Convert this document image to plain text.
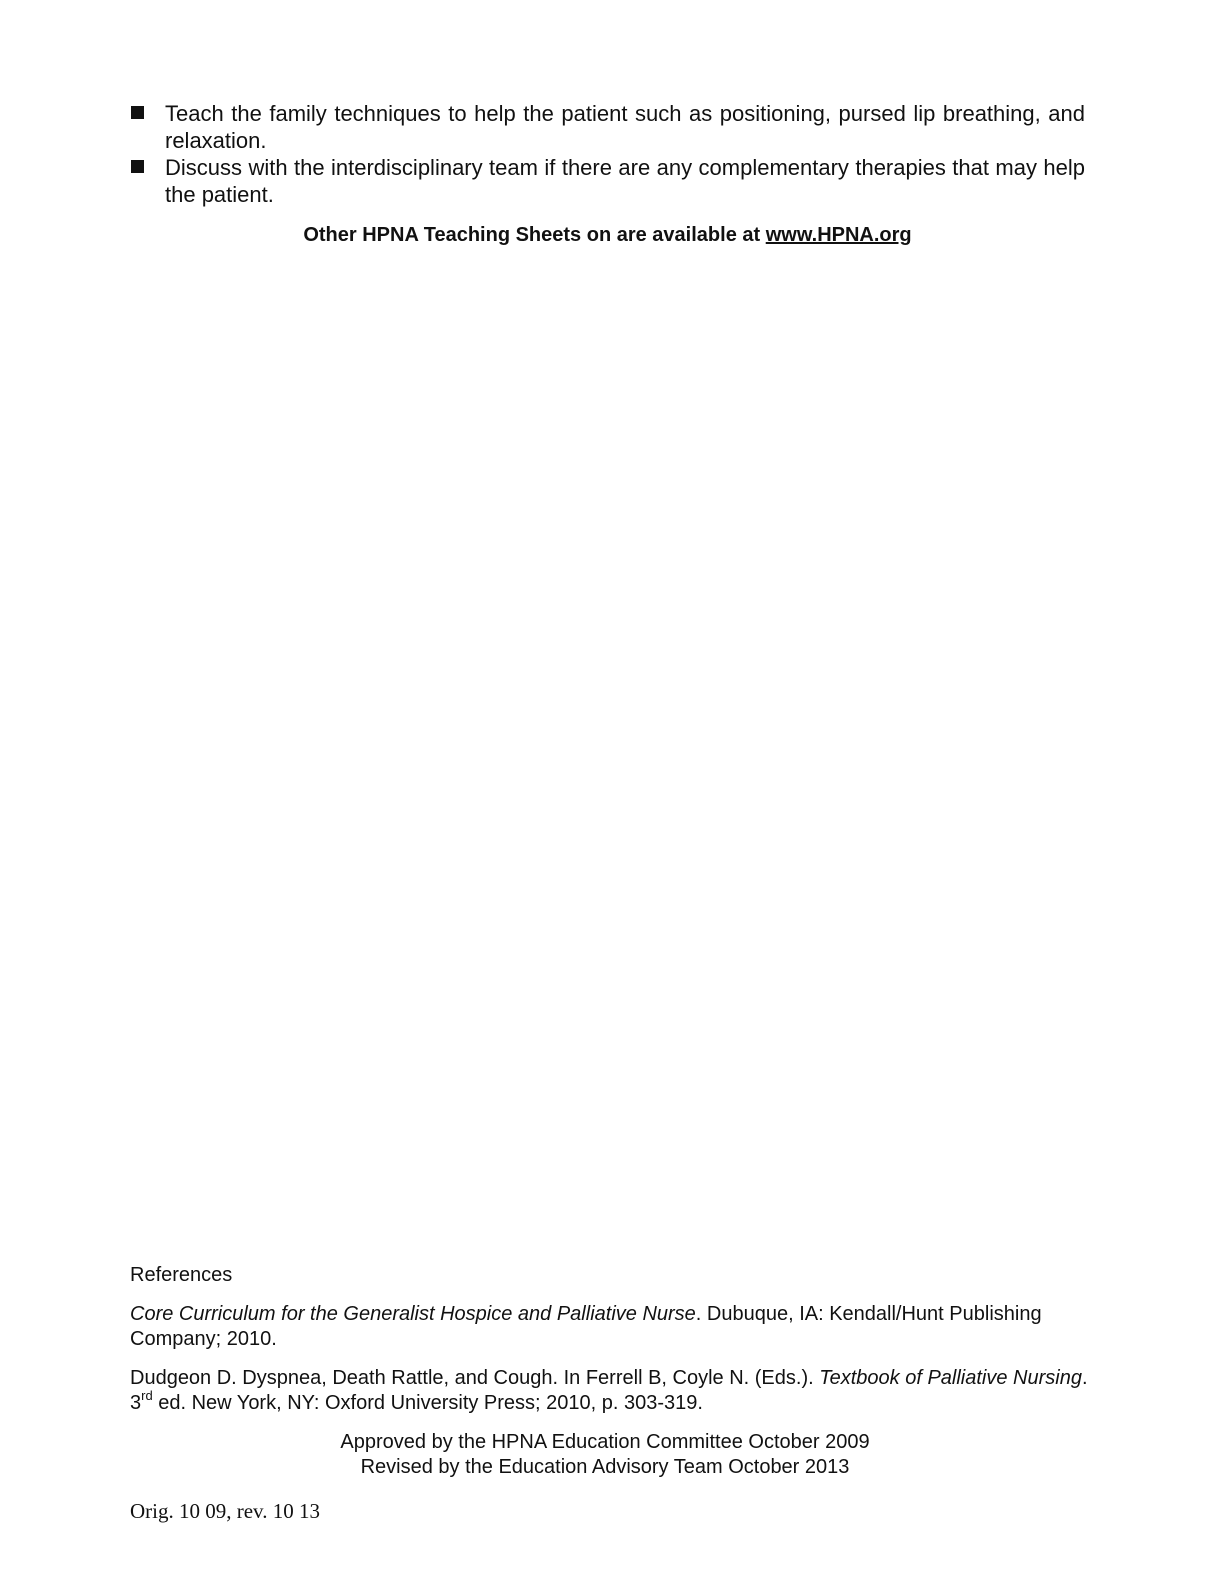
Teach the family techniques to help the patient such as positioning, pursed lip breathing, and relaxation.
Discuss with the interdisciplinary team if there are any complementary therapies that may help the patient.
Other HPNA Teaching Sheets on are available at www.HPNA.org
References
Core Curriculum for the Generalist Hospice and Palliative Nurse. Dubuque, IA: Kendall/Hunt Publishing Company; 2010.
Dudgeon D. Dyspnea, Death Rattle, and Cough. In Ferrell B, Coyle N. (Eds.). Textbook of Palliative Nursing. 3rd ed. New York, NY: Oxford University Press; 2010, p. 303-319.
Approved by the HPNA Education Committee October 2009
Revised by the Education Advisory Team October 2013
Orig. 10 09, rev. 10 13
